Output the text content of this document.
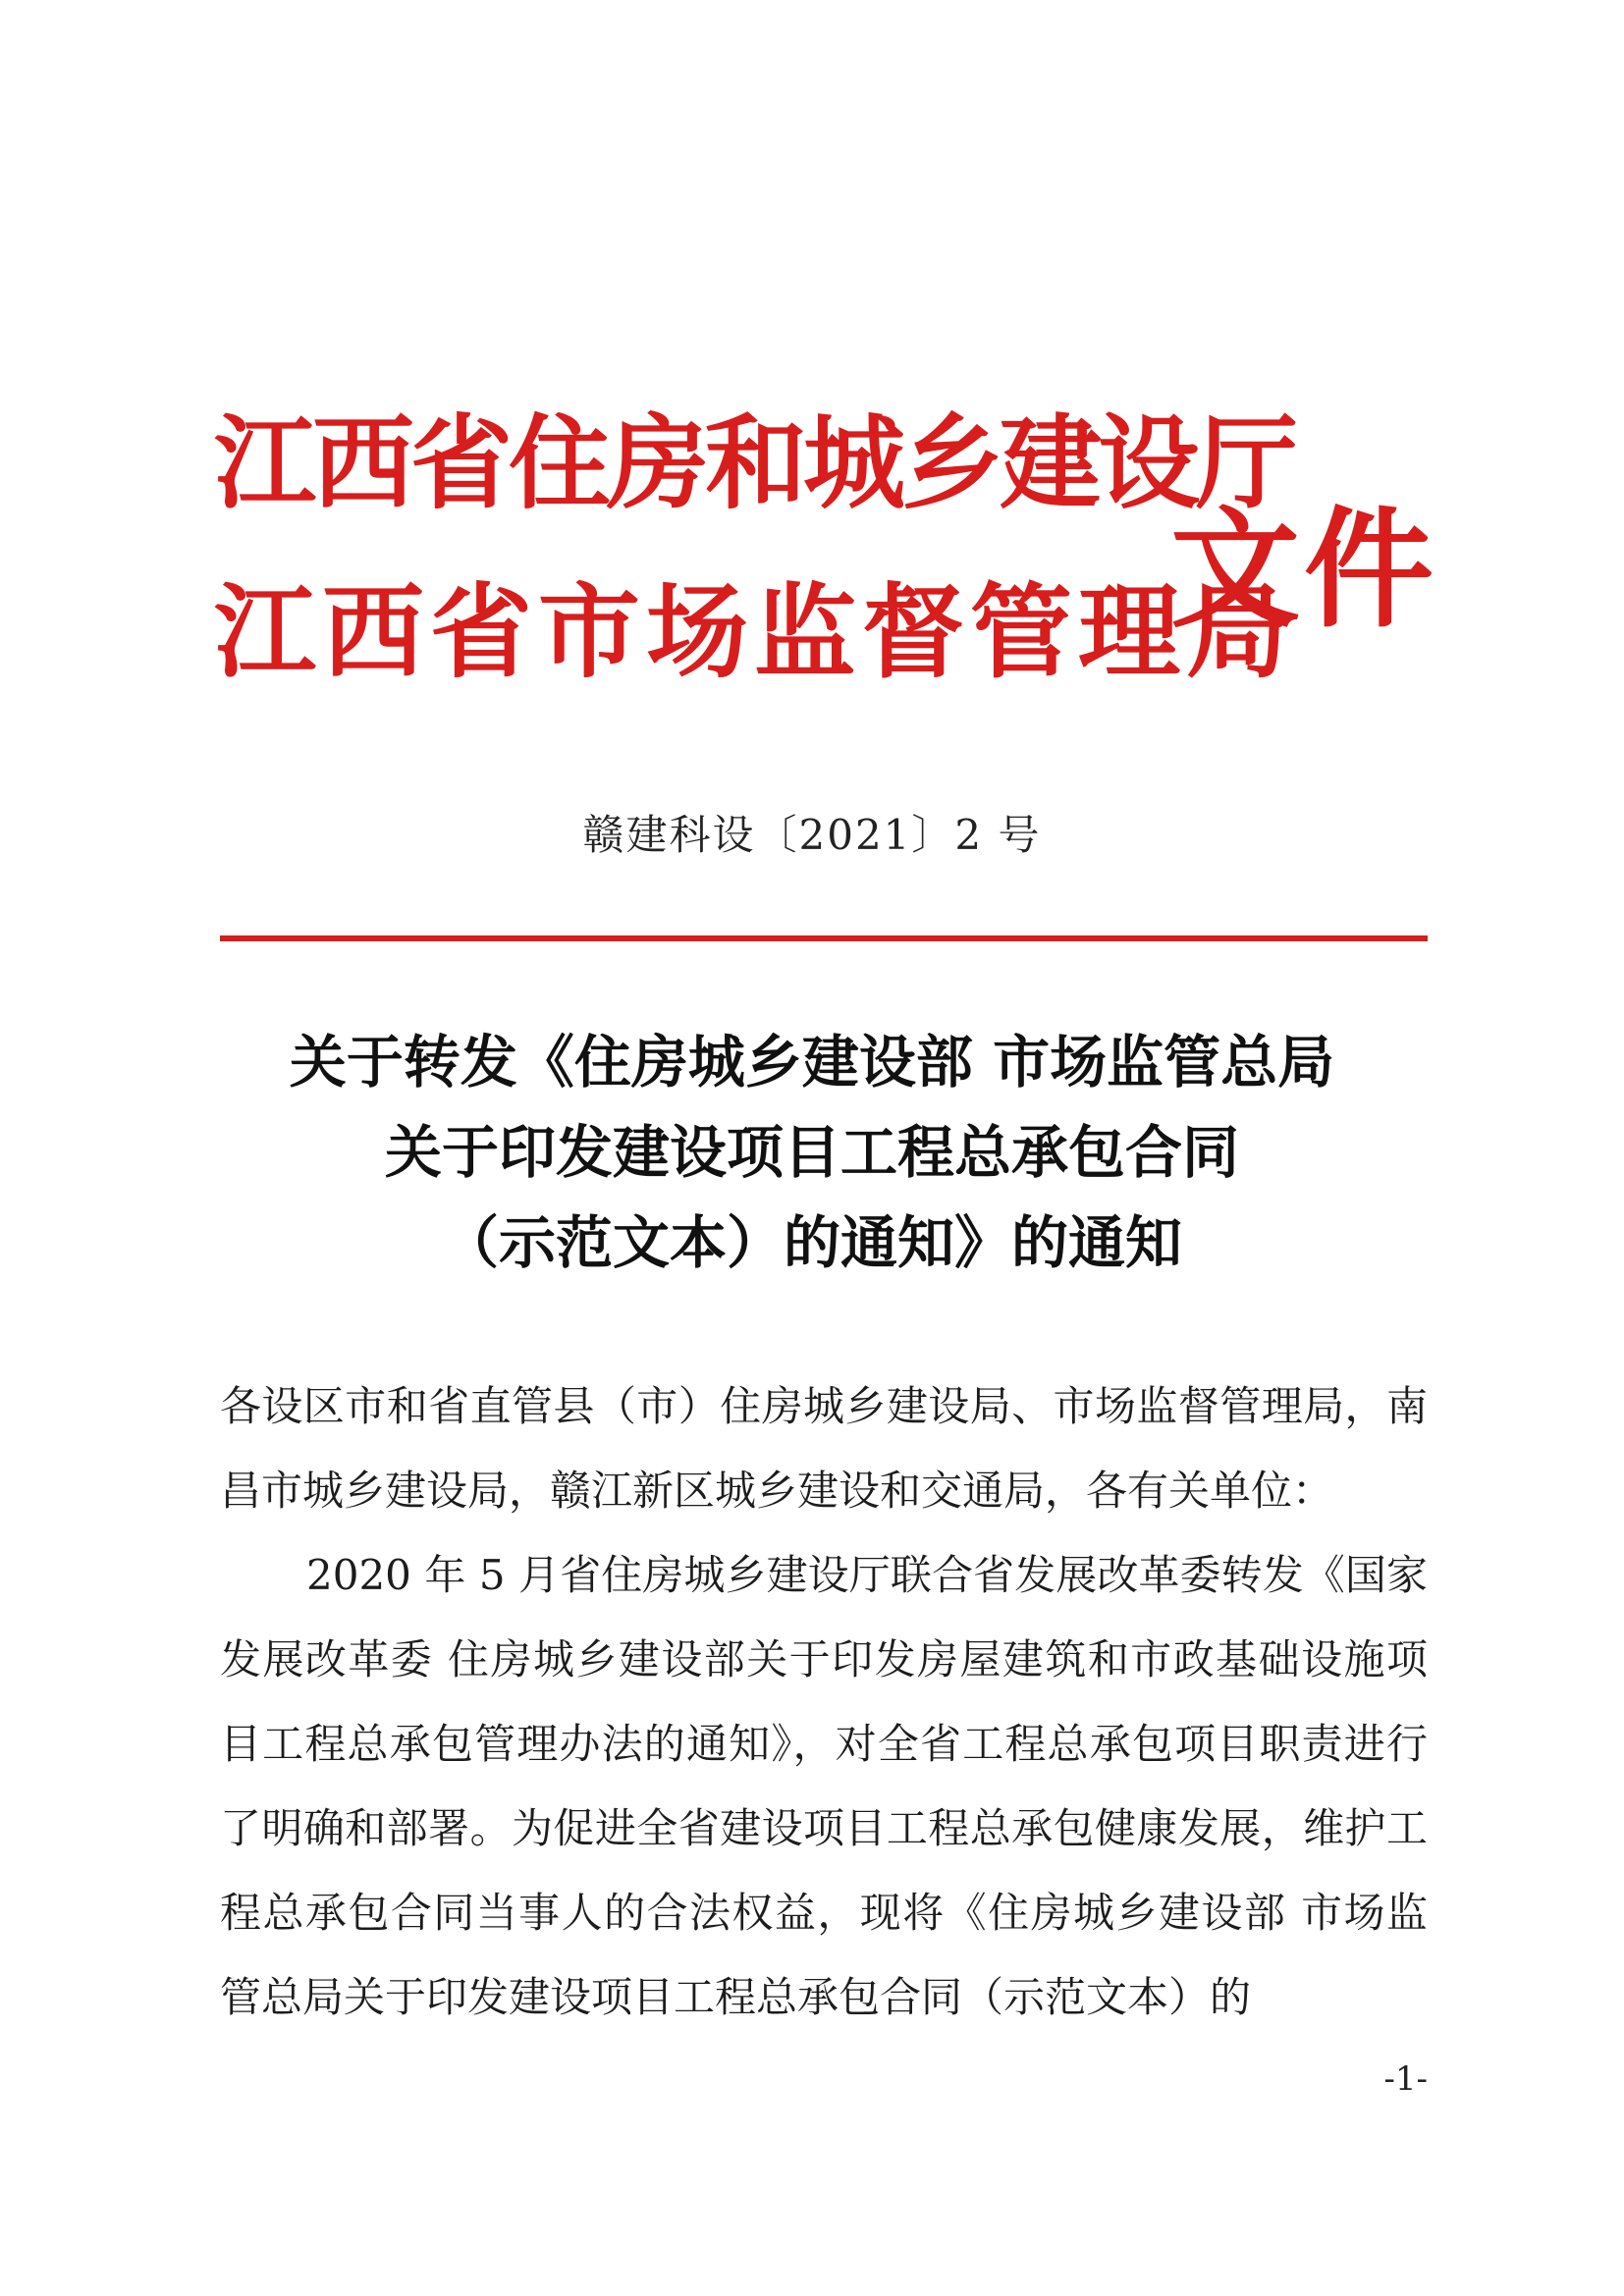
江西省住房和城乡建设厅
江西省市场监督管理局
文件
赣建科设〔2021〕2 号
关于转发《住房城乡建设部 市场监管总局
关于印发建设项目工程总承包合同
（示范文本）的通知》的通知

各设区市和省直管县（市）住房城乡建设局、市场监督管理局，南昌市城乡建设局，赣江新区城乡建设和交通局，各有关单位：

2020 年 5 月省住房城乡建设厅联合省发展改革委转发《国家发展改革委 住房城乡建设部关于印发房屋建筑和市政基础设施项目工程总承包管理办法的通知》，对全省工程总承包项目职责进行了明确和部署。为促进全省建设项目工程总承包健康发展，维护工程总承包合同当事人的合法权益，现将《住房城乡建设部 市场监管总局关于印发建设项目工程总承包合同（示范文本）的

-1-
